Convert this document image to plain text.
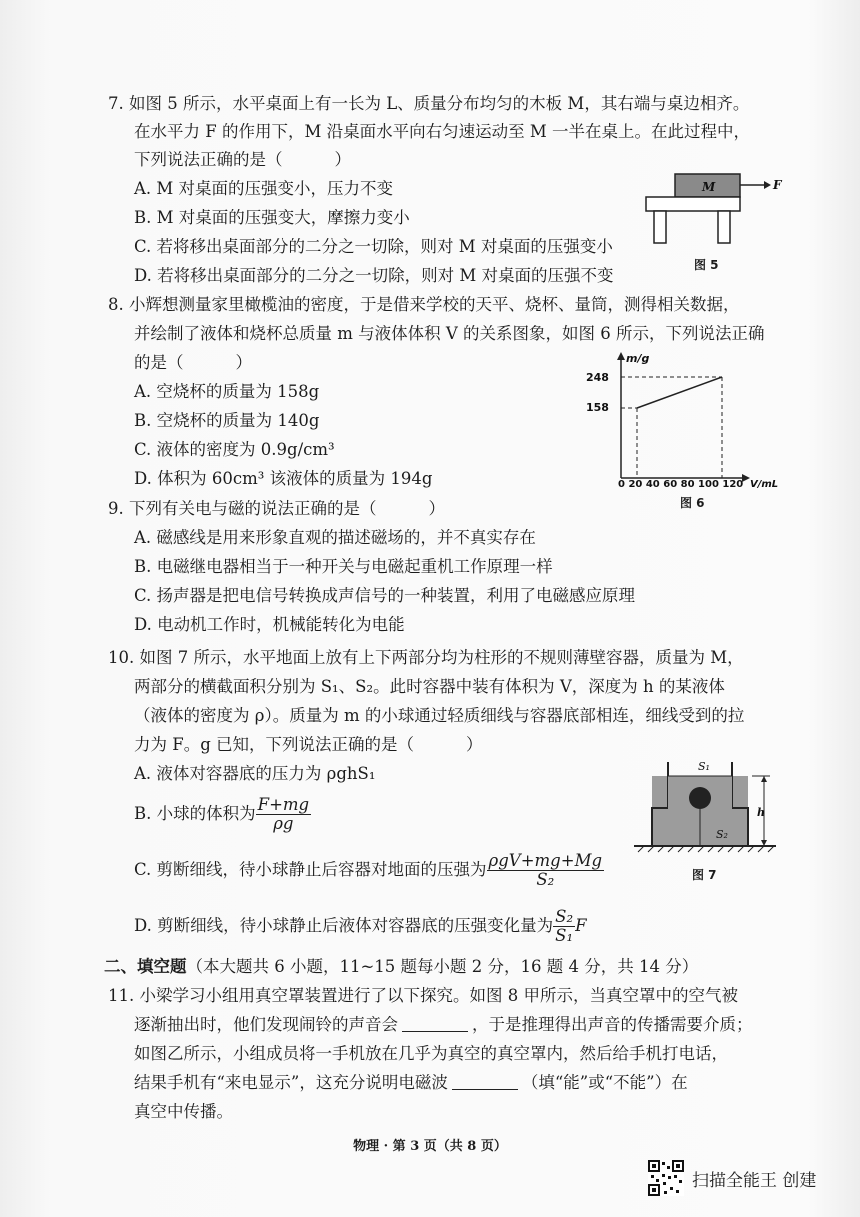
7. 如图 5 所示，水平桌面上有一长为 L、质量分布均匀的木板 M，其右端与桌边相齐。
在水平力 F 的作用下，M 沿桌面水平向右匀速运动至 M 一半在桌上。在此过程中，
下列说法正确的是（	）
A. M 对桌面的压强变小，压力不变
B. M 对桌面的压强变大，摩擦力变小
C. 若将移出桌面部分的二分之一切除，则对 M 对桌面的压强变小
D. 若将移出桌面部分的二分之一切除，则对 M 对桌面的压强不变
M	F
图 5
8. 小辉想测量家里橄榄油的密度，于是借来学校的天平、烧杯、量筒，测得相关数据，
并绘制了液体和烧杯总质量 m 与液体体积 V 的关系图象，如图 6 所示，下列说法正确
的是（	）
A. 空烧杯的质量为 158g
B. 空烧杯的质量为 140g
C. 液体的密度为 0.9g/cm³
D. 体积为 60cm³ 该液体的质量为 194g
m/g
248
158
0 20 40 60 80 100 120 V/mL
图 6
9. 下列有关电与磁的说法正确的是（	）
A. 磁感线是用来形象直观的描述磁场的，并不真实存在
B. 电磁继电器相当于一种开关与电磁起重机工作原理一样
C. 扬声器是把电信号转换成声信号的一种装置，利用了电磁感应原理
D. 电动机工作时，机械能转化为电能
10. 如图 7 所示，水平地面上放有上下两部分均为柱形的不规则薄壁容器，质量为 M，
两部分的横截面积分别为 S₁、S₂。此时容器中装有体积为 V，深度为 h 的某液体
（液体的密度为 ρ）。质量为 m 的小球通过轻质细线与容器底部相连，细线受到的拉
力为 F。g 已知，下列说法正确的是（	）
A. 液体对容器底的压力为 ρghS₁
B. 小球的体积为 $\frac{F+mg}{\rho g}$
C. 剪断细线，待小球静止后容器对地面的压强为 $\frac{\text{ρgV+mg+Mg}}{\text{S₂}}$
D. 剪断细线，待小球静止后液体对容器底的压强变化量为 $\frac{\text{S₂}}{\text{S₁}}$ F
S₁
S₂
h
图 7
二、填空题（本大题共 6 小题，11~15 题每小题 2 分，16 题 4 分，共 14 分）
11. 小梁学习小组用真空罩装置进行了以下探究。如图 8 甲所示，当真空罩中的空气被
逐渐抽出时，他们发现闹铃的声音会	，于是推理得出声音的传播需要介质；
如图乙所示，小组成员将一手机放在几乎为真空的真空罩内，然后给手机打电话，
结果手机有“来电显示”，这充分说明电磁波	（填“能”或“不能”）在
真空中传播。
物理 · 第 3 页（共 8 页）
扫描全能王 创建
